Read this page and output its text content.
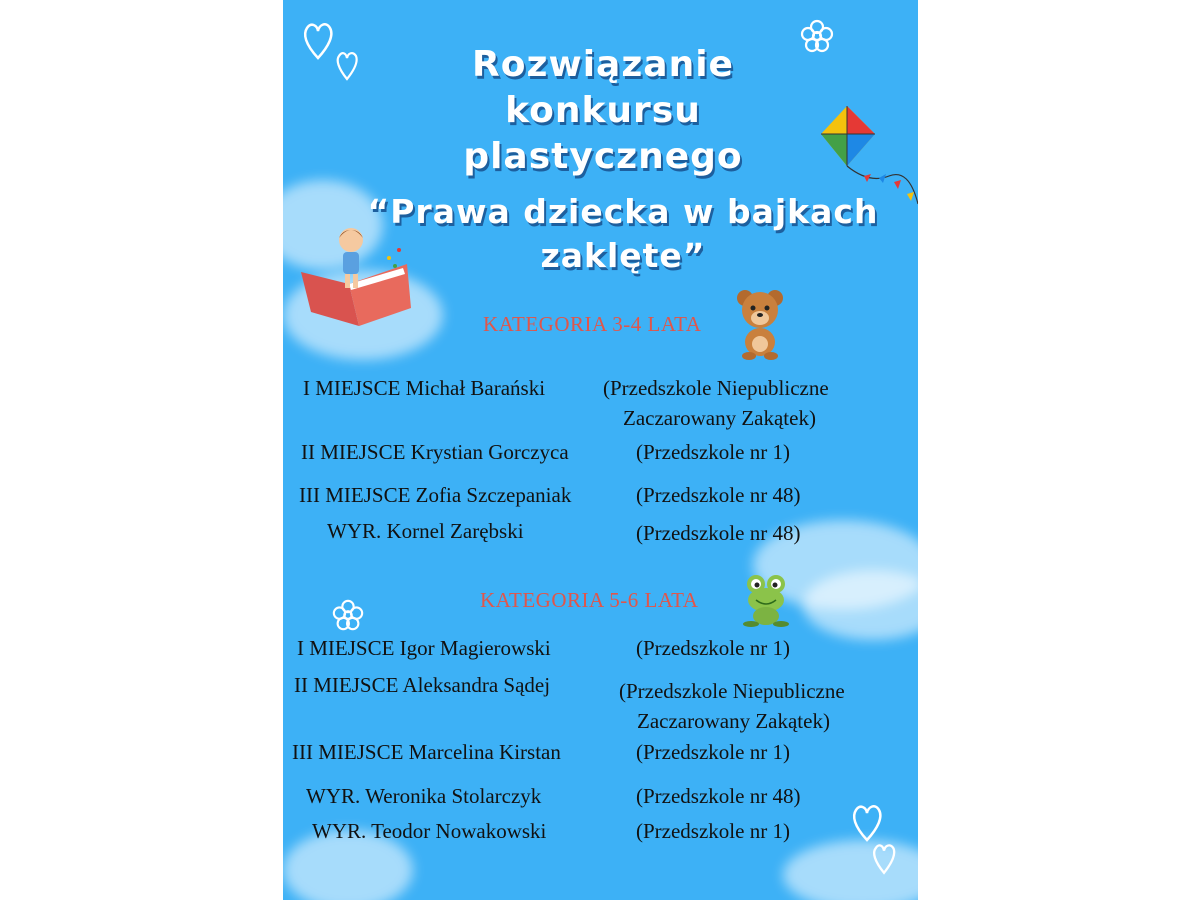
Rozwiązanie konkursu plastycznego
“Prawa dziecka w bajkach zaklęte”
KATEGORIA 3-4 LATA
I MIEJSCE Michał Barański	(Przedszkole Niepubliczne
Zaczarowany Zakątek)
II MIEJSCE Krystian Gorczyca	(Przedszkole nr 1)
III MIEJSCE Zofia Szczepaniak	(Przedszkole nr 48)
WYR. Kornel Zarębski	(Przedszkole nr 48)
KATEGORIA 5-6 LATA
I MIEJSCE Igor Magierowski	(Przedszkole nr 1)
II MIEJSCE Aleksandra Sądej	(Przedszkole Niepubliczne
Zaczarowany Zakątek)
III MIEJSCE Marcelina Kirstan	(Przedszkole nr 1)
WYR. Weronika Stolarczyk	(Przedszkole nr 48)
WYR. Teodor Nowakowski	(Przedszkole nr 1)
